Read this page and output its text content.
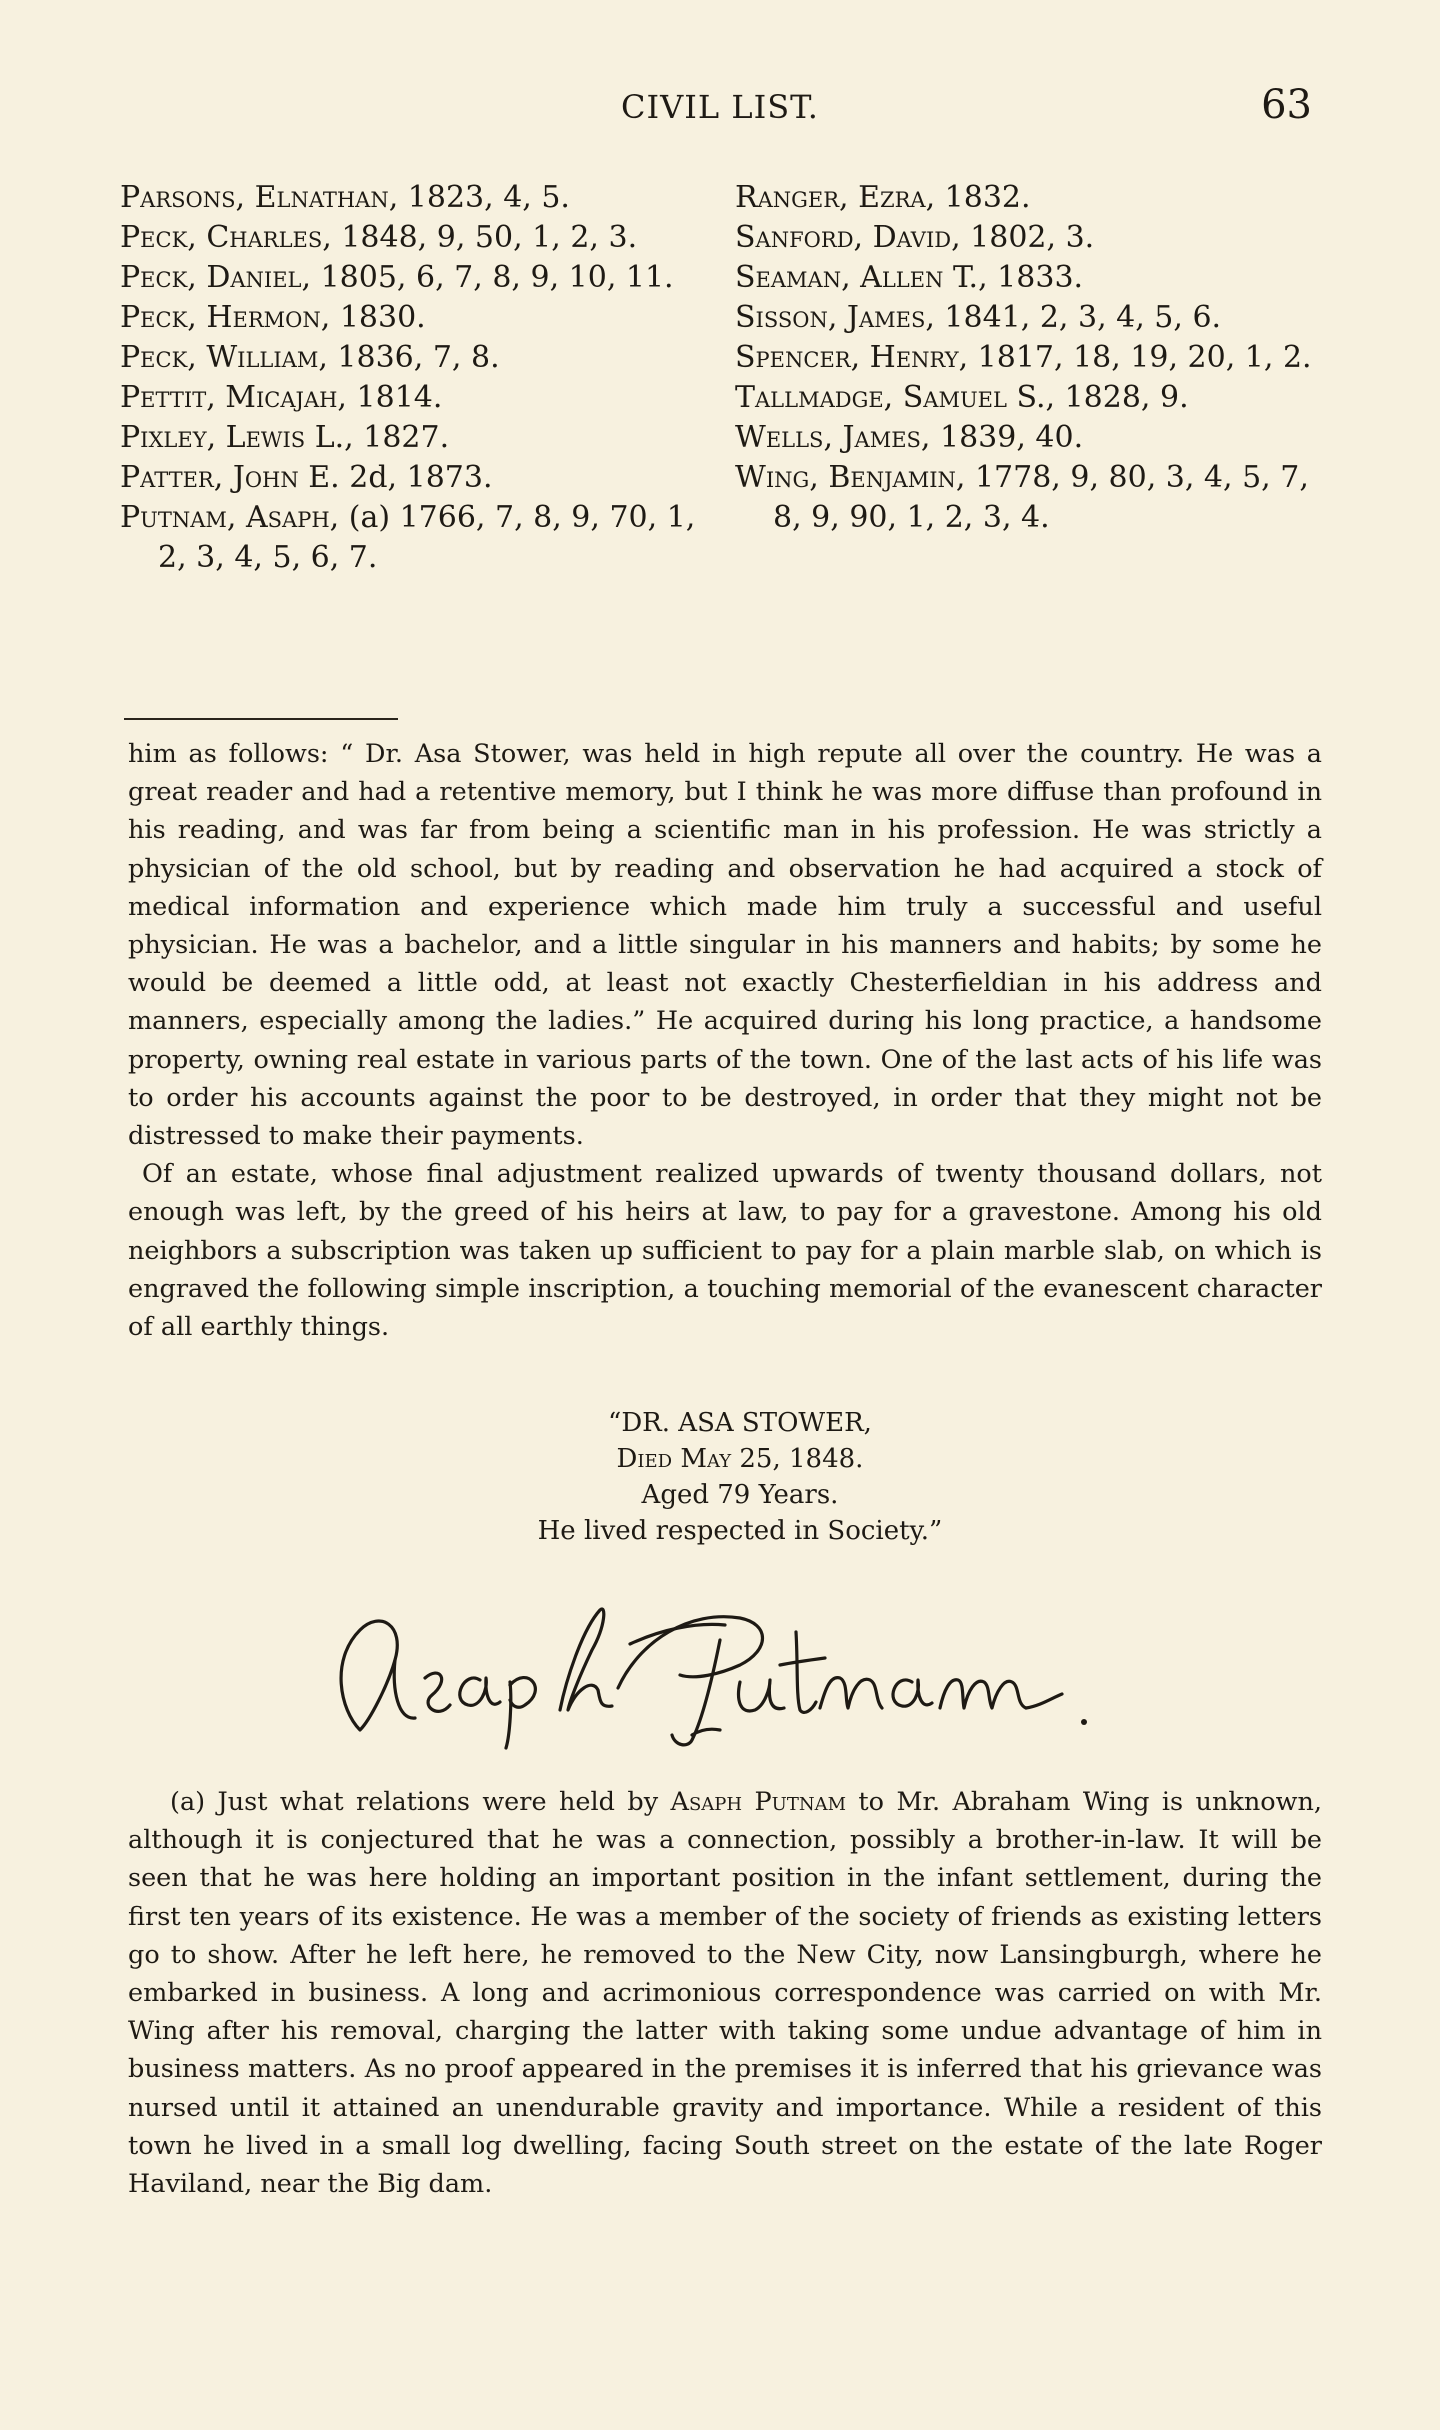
CIVIL LIST.	63

Parsons, Elnathan, 1823, 4, 5.

Peck, Charles, 1848, 9, 50, 1, 2, 3.

Peck, Daniel, 1805, 6, 7, 8, 9, 10, 11.

Peck, Hermon, 1830.

Peck, William, 1836, 7, 8.

Pettit, Micajah, 1814.

Pixley, Lewis L., 1827.

Patter, John E. 2d, 1873.

Putnam, Asaph, (a) 1766, 7, 8, 9, 70, 1, 2, 3, 4, 5, 6, 7.

Ranger, Ezra, 1832.

Sanford, David, 1802, 3.

Seaman, Allen T., 1833.

Sisson, James, 1841, 2, 3, 4, 5, 6.

Spencer, Henry, 1817, 18, 19, 20, 1, 2.

Tallmadge, Samuel S., 1828, 9.

Wells, James, 1839, 40.

Wing, Benjamin, 1778, 9, 80, 3, 4, 5, 7, 8, 9, 90, 1, 2, 3, 4.

him as follows: “ Dr. Asa Stower, was held in high repute all over the country. He was a great reader and had a retentive memory, but I think he was more diffuse than profound in his reading, and was far from being a scientific man in his profession. He was strictly a physician of the old school, but by reading and observation he had acquired a stock of medical information and experience which made him truly a successful and useful physician. He was a bachelor, and a little singular in his manners and habits; by some he would be deemed a little odd, at least not exactly Chesterfieldian in his address and manners, especially among the ladies.” He acquired during his long practice, a handsome property, owning real estate in various parts of the town. One of the last acts of his life was to order his accounts against the poor to be destroyed, in order that they might not be distressed to make their payments.

Of an estate, whose final adjustment realized upwards of twenty thousand dollars, not enough was left, by the greed of his heirs at law, to pay for a gravestone. Among his old neighbors a subscription was taken up sufficient to pay for a plain marble slab, on which is engraved the following simple inscription, a touching memorial of the evanescent character of all earthly things.

“DR. ASA STOWER,
Died May 25, 1848.
Aged 79 Years.
He lived respected in Society.”

(a) Just what relations were held by Asaph Putnam to Mr. Abraham Wing is unknown, although it is conjectured that he was a connection, possibly a brother-in-law. It will be seen that he was here holding an important position in the infant settlement, during the first ten years of its existence. He was a member of the society of friends as existing letters go to show. After he left here, he removed to the New City, now Lansingburgh, where he embarked in business. A long and acrimonious correspondence was carried on with Mr. Wing after his removal, charging the latter with taking some undue advantage of him in business matters. As no proof appeared in the premises it is inferred that his grievance was nursed until it attained an unendurable gravity and importance. While a resident of this town he lived in a small log dwelling, facing South street on the estate of the late Roger Haviland, near the Big dam.
